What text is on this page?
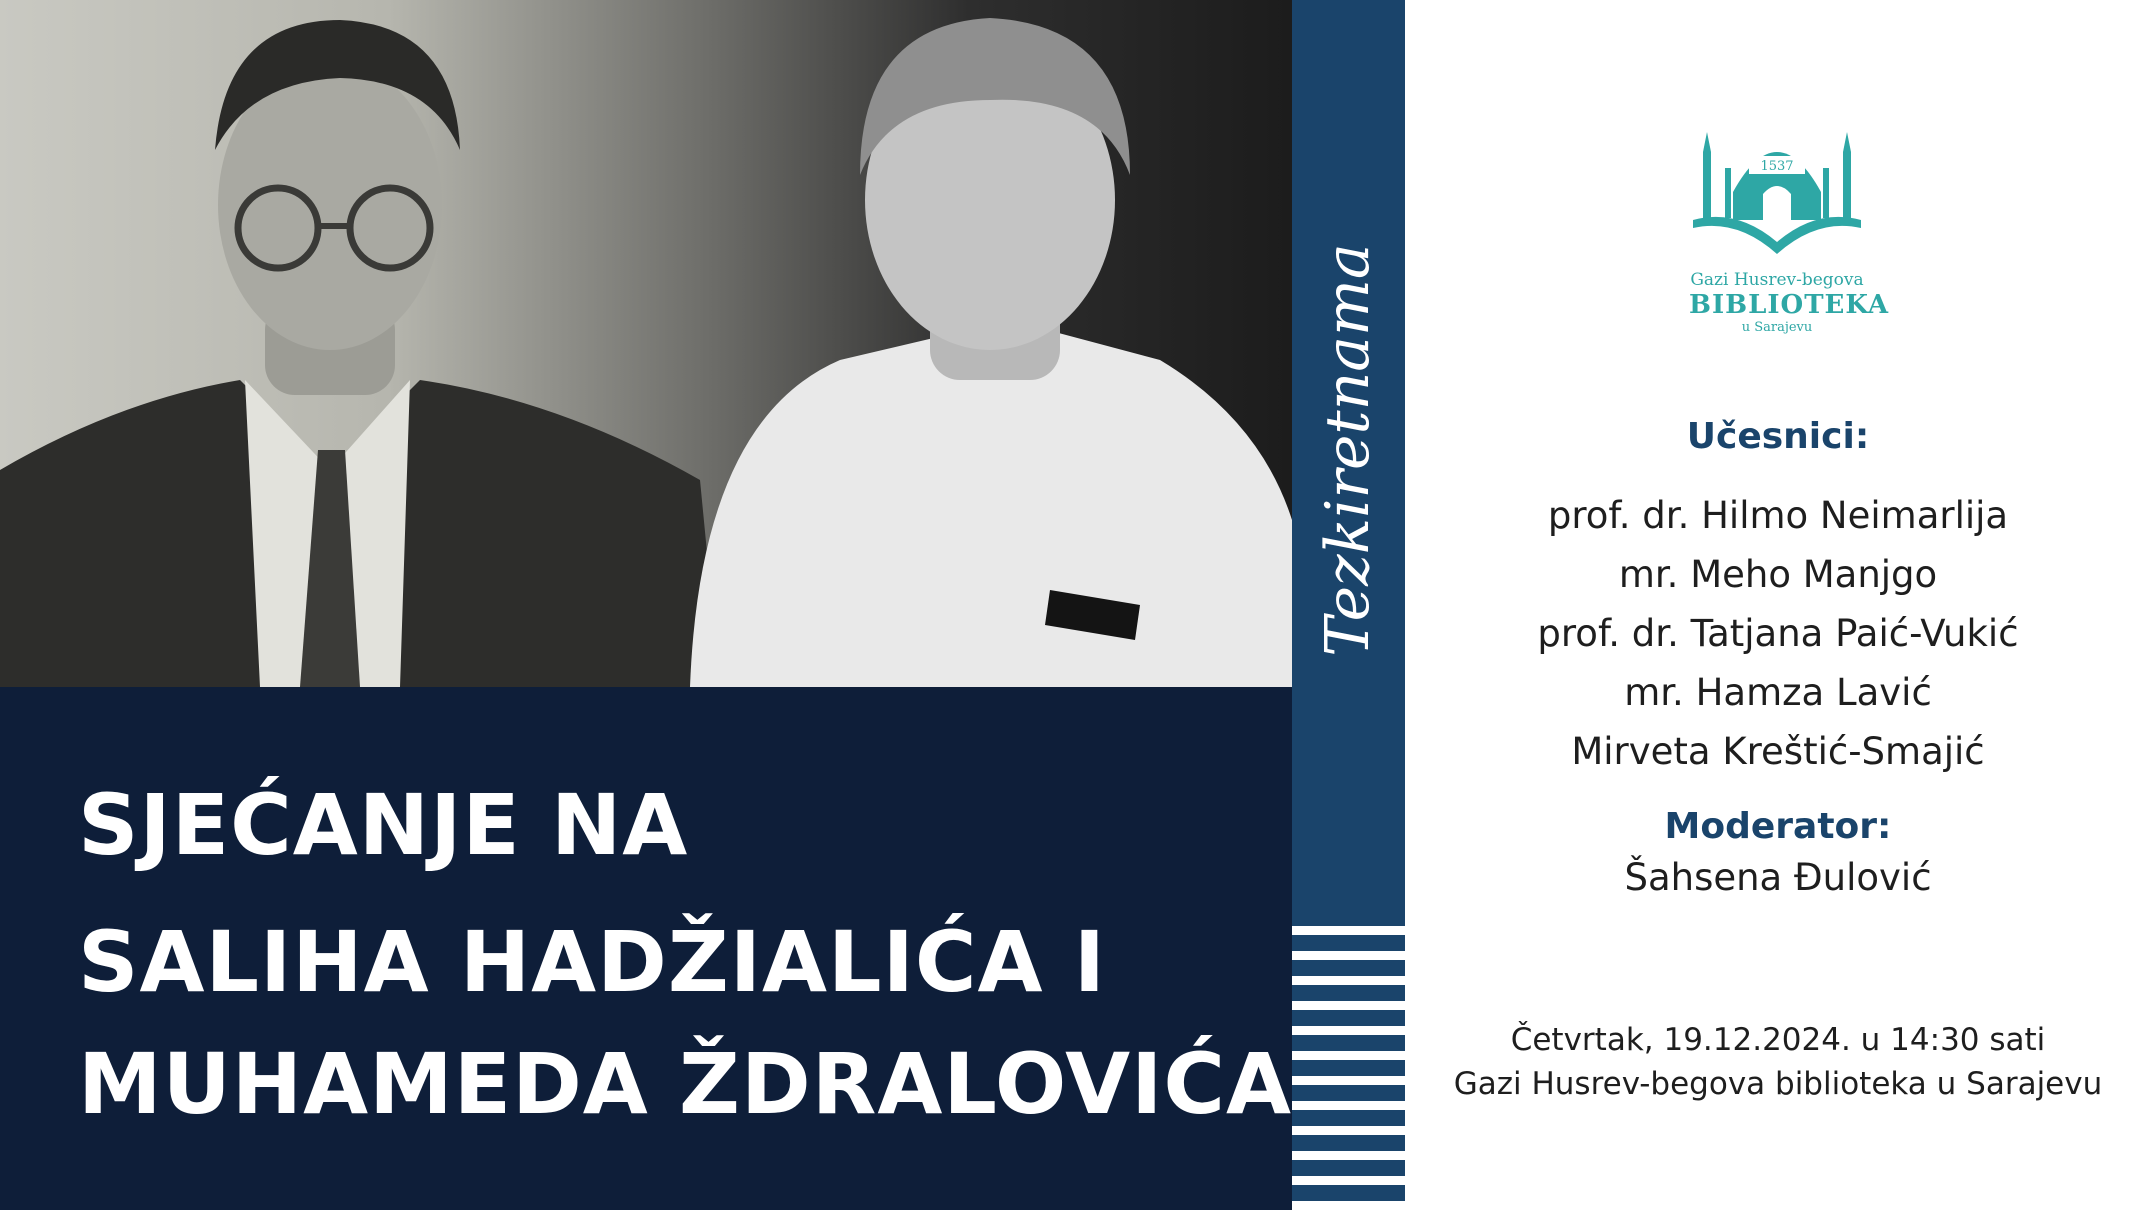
SJEĆANJE NA
SALIHA HADŽIALIĆA I
MUHAMEDA ŽDRALOVIĆA
Tezkiretnama
1537
Gazi Husrev-begova
BIBLIOTEKA
u Sarajevu
Učesnici:
prof. dr. Hilmo Neimarlija
mr. Meho Manjgo
prof. dr. Tatjana Paić-Vukić
mr. Hamza Lavić
Mirveta Kreštić-Smajić
Moderator:
Šahsena Đulović
Četvrtak, 19.12.2024. u 14:30 sati
Gazi Husrev-begova biblioteka u Sarajevu
